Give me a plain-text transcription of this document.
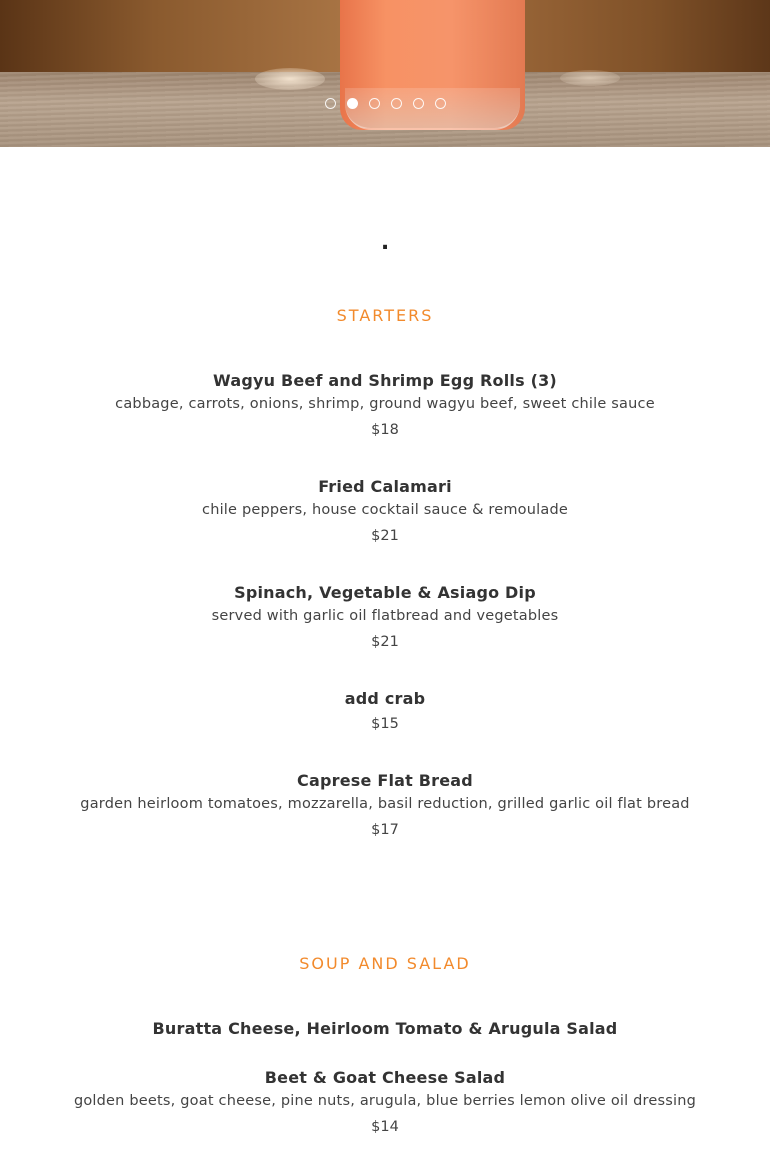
.
STARTERS
Wagyu Beef and Shrimp Egg Rolls (3)
cabbage, carrots, onions, shrimp, ground wagyu beef, sweet chile sauce
$18
Fried Calamari
chile peppers, house cocktail sauce & remoulade
$21
Spinach, Vegetable & Asiago Dip
served with garlic oil flatbread and vegetables
$21
add crab
$15
Caprese Flat Bread
garden heirloom tomatoes, mozzarella, basil reduction, grilled garlic oil flat bread
$17
SOUP AND SALAD
Buratta Cheese, Heirloom Tomato & Arugula Salad
Beet & Goat Cheese Salad
golden beets, goat cheese, pine nuts, arugula, blue berries lemon olive oil dressing
$14
